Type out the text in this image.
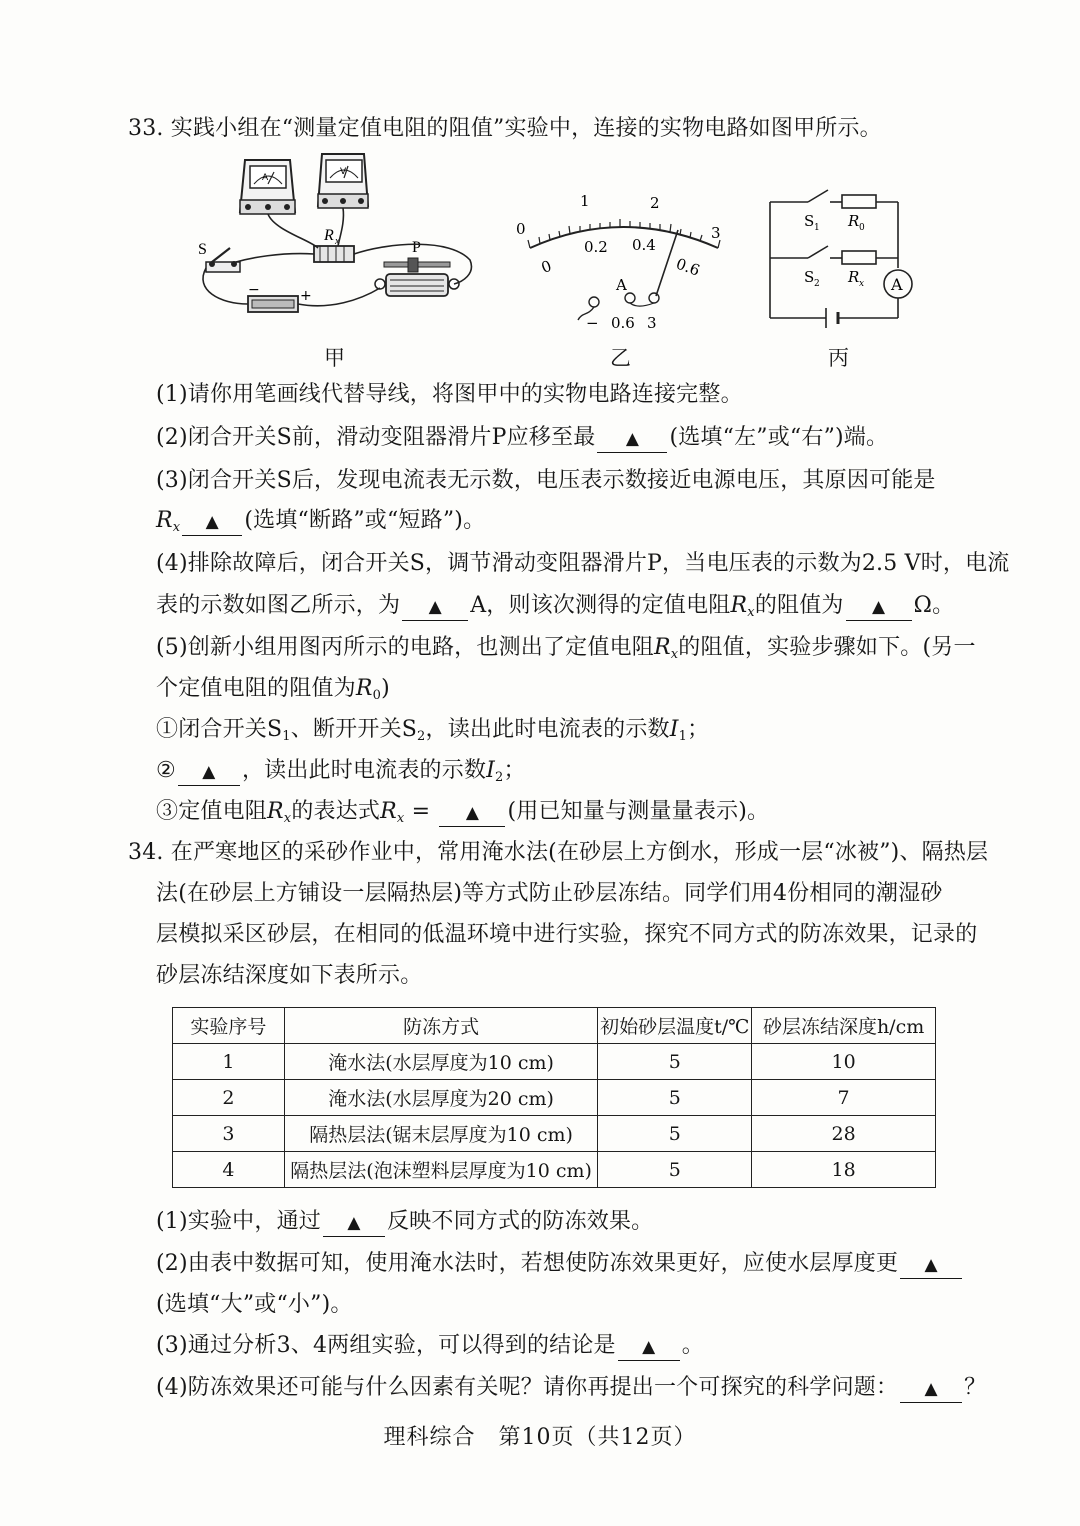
33. 实践小组在“测量定值电阻的阻值”实验中，连接的实物电路如图甲所示。
A
V
R x
S
−	+
P
甲
0
1	2
3
0
0.2 0.4
0.6
A
− 0.6 3
乙
S 1 R 0
S 2 R x A
丙
(1)请你用笔画线代替导线，将图甲中的实物电路连接完整。
(2)闭合开关S前，滑动变阻器滑片P应移至最 ▲ (选填“左”或“右”)端。
(3)闭合开关S后，发现电流表无示数，电压表示数接近电源电压，其原因可能是
$R_x$ ▲ (选填“断路”或“短路”)。
(4)排除故障后，闭合开关S，调节滑动变阻器滑片P，当电压表的示数为2.5 V时，电流
表的示数如图乙所示，为 ▲ A，则该次测得的定值电阻$R_x$的阻值为 ▲ Ω。
(5)创新小组用图丙所示的电路，也测出了定值电阻$R_x$的阻值，实验步骤如下。(另一
个定值电阻的阻值为$R_0$)
①闭合开关$S_1$、断开开关$S_2$，读出此时电流表的示数$I_1$；
② ▲ ，读出此时电流表的示数$I_2$；
③定值电阻$R_x$的表达式$R_x$ = ▲ (用已知量与测量量表示)。
34. 在严寒地区的采砂作业中，常用淹水法(在砂层上方倒水，形成一层“冰被”)、隔热层
法(在砂层上方铺设一层隔热层)等方式防止砂层冻结。同学们用4份相同的潮湿砂
层模拟采区砂层，在相同的低温环境中进行实验，探究不同方式的防冻效果，记录的
砂层冻结深度如下表所示。
实验序号	防冻方式	初始砂层温度t/℃	砂层冻结深度h/cm
1	淹水法(水层厚度为10 cm)	5	10
2	淹水法(水层厚度为20 cm)	5	7
3	隔热层法(锯末层厚度为10 cm)	5	28
4	隔热层法(泡沫塑料层厚度为10 cm)	5	18
(1)实验中，通过 ▲ 反映不同方式的防冻效果。
(2)由表中数据可知，使用淹水法时，若想使防冻效果更好，应使水层厚度更 ▲
(选填“大”或“小”)。
(3)通过分析3、4两组实验，可以得到的结论是 ▲ 。
(4)防冻效果还可能与什么因素有关呢？请你再提出一个可探究的科学问题： ▲ ？
理科综合　第10页（共12页）
